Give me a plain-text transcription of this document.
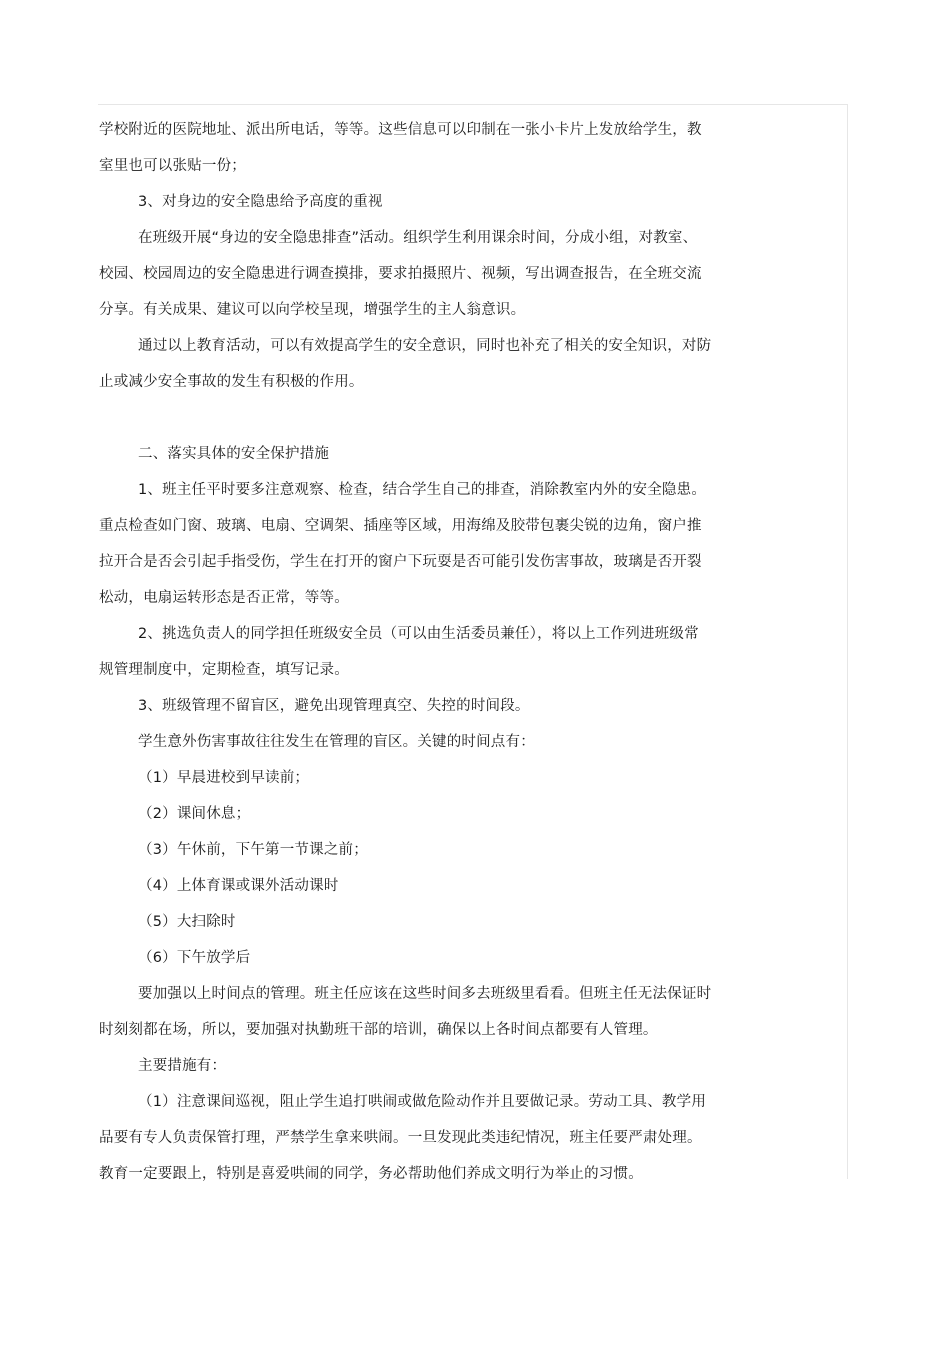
学校附近的医院地址、派出所电话，等等。这些信息可以印制在一张小卡片上发放给学生，教
室里也可以张贴一份；
3、对身边的安全隐患给予高度的重视
在班级开展“身边的安全隐患排查”活动。组织学生利用课余时间，分成小组，对教室、
校园、校园周边的安全隐患进行调查摸排，要求拍摄照片、视频，写出调查报告，在全班交流
分享。有关成果、建议可以向学校呈现，增强学生的主人翁意识。
通过以上教育活动，可以有效提高学生的安全意识，同时也补充了相关的安全知识，对防
止或减少安全事故的发生有积极的作用。
二、落实具体的安全保护措施
1、班主任平时要多注意观察、检查，结合学生自己的排查，消除教室内外的安全隐患。
重点检查如门窗、玻璃、电扇、空调架、插座等区域，用海绵及胶带包裹尖锐的边角，窗户推
拉开合是否会引起手指受伤，学生在打开的窗户下玩耍是否可能引发伤害事故，玻璃是否开裂
松动，电扇运转形态是否正常，等等。
2、挑选负责人的同学担任班级安全员（可以由生活委员兼任），将以上工作列进班级常
规管理制度中，定期检查，填写记录。
3、班级管理不留盲区，避免出现管理真空、失控的时间段。
学生意外伤害事故往往发生在管理的盲区。关键的时间点有：
（1）早晨进校到早读前；
（2）课间休息；
（3）午休前，下午第一节课之前；
（4）上体育课或课外活动课时
（5）大扫除时
（6）下午放学后
要加强以上时间点的管理。班主任应该在这些时间多去班级里看看。但班主任无法保证时
时刻刻都在场，所以，要加强对执勤班干部的培训，确保以上各时间点都要有人管理。
主要措施有：
（1）注意课间巡视，阻止学生追打哄闹或做危险动作并且要做记录。劳动工具、教学用
品要有专人负责保管打理，严禁学生拿来哄闹。一旦发现此类违纪情况，班主任要严肃处理。
教育一定要跟上，特别是喜爱哄闹的同学，务必帮助他们养成文明行为举止的习惯。
